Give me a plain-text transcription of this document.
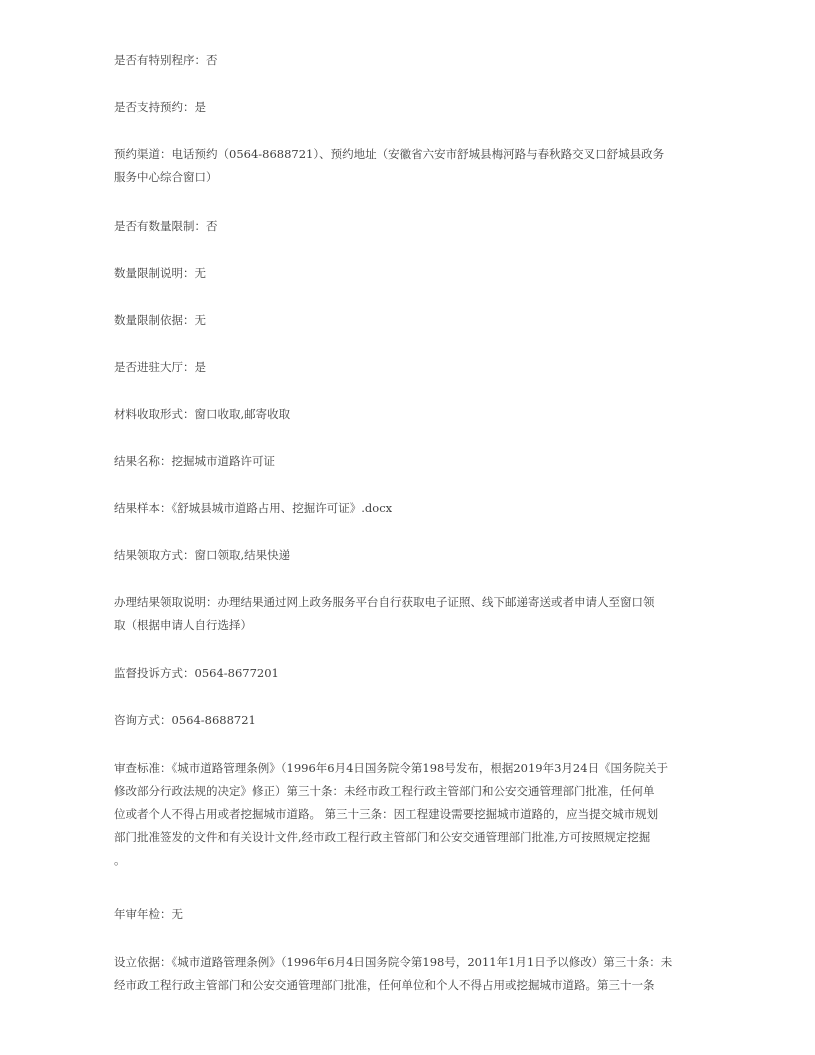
是否有特别程序：否
是否支持预约：是
预约渠道：电话预约（0564-8688721）、预约地址（安徽省六安市舒城县梅河路与春秋路交叉口舒城县政务
服务中心综合窗口）
是否有数量限制：否
数量限制说明：无
数量限制依据：无
是否进驻大厅：是
材料收取形式：窗口收取,邮寄收取
结果名称：挖掘城市道路许可证
结果样本：《舒城县城市道路占用、挖掘许可证》.docx
结果领取方式：窗口领取,结果快递
办理结果领取说明：办理结果通过网上政务服务平台自行获取电子证照、线下邮递寄送或者申请人至窗口领
取（根据申请人自行选择）
监督投诉方式：0564-8677201
咨询方式：0564-8688721
审查标准：《城市道路管理条例》（1996年6月4日国务院令第198号发布，根据2019年3月24日《国务院关于
修改部分行政法规的决定》修正）第三十条：未经市政工程行政主管部门和公安交通管理部门批准，任何单
位或者个人不得占用或者挖掘城市道路。 第三十三条：因工程建设需要挖掘城市道路的，应当提交城市规划
部门批准签发的文件和有关设计文件,经市政工程行政主管部门和公安交通管理部门批准,方可按照规定挖掘
。
年审年检：无
设立依据：《城市道路管理条例》（1996年6月4日国务院令第198号，2011年1月1日予以修改）第三十条：未
经市政工程行政主管部门和公安交通管理部门批准，任何单位和个人不得占用或挖掘城市道路。第三十一条
